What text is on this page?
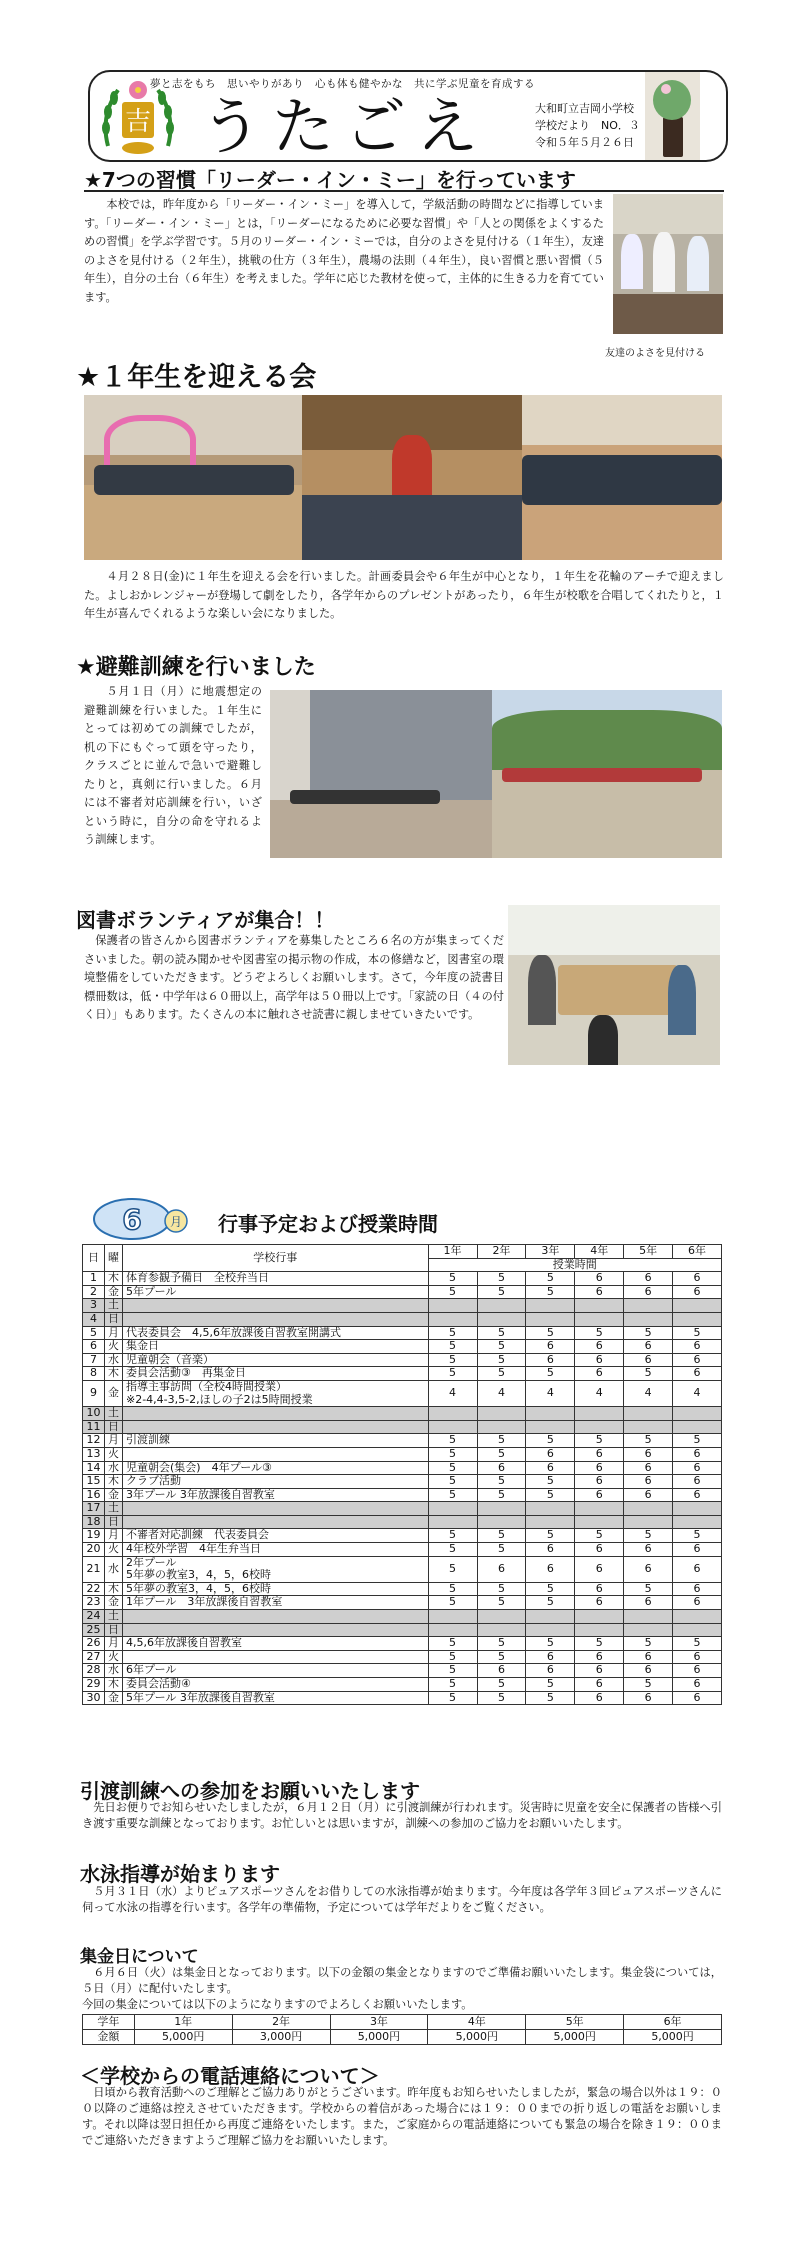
吉
夢と志をもち　思いやりがあり　心も体も健やかな　共に学ぶ児童を育成する
うたごえ	大和町立吉岡小学校
学校だより　NO．３
令和５年５月２６日
★7つの習慣「リーダー・イン・ミー」を行っています
本校では，昨年度から「リーダー・イン・ミー」を導入して，学級活動の時間などに指導しています。「リーダー・イン・ミー」とは，「リーダーになるために必要な習慣」や「人との関係をよくするための習慣」を学ぶ学習です。５月のリーダー・イン・ミーでは，自分のよさを見付ける（１年生），友達のよさを見付ける（２年生），挑戦の仕方（３年生），農場の法則（４年生），良い習慣と悪い習慣（５年生），自分の土台（６年生）を考えました。学年に応じた教材を使って，主体的に生きる力を育てています。
友達のよさを見付ける
★１年生を迎える会
４月２８日(金)に１年生を迎える会を行いました。計画委員会や６年生が中心となり，１年生を花輪のアーチで迎えました。よしおかレンジャーが登場して劇をしたり，各学年からのプレゼントがあったり，６年生が校歌を合唱してくれたりと，１年生が喜んでくれるような楽しい会になりました。
★避難訓練を行いました
５月１日（月）に地震想定の避難訓練を行いました。１年生にとっては初めての訓練でしたが，机の下にもぐって頭を守ったり，クラスごとに並んで急いで避難したりと，真剣に行いました。６月には不審者対応訓練を行い，いざという時に，自分の命を守れるよう訓練します。
図書ボランティアが集合！！
保護者の皆さんから図書ボランティアを募集したところ６名の方が集まってくださいました。朝の読み聞かせや図書室の掲示物の作成，本の修繕など，図書室の環境整備をしていただきます。どうぞよろしくお願いします。さて，今年度の読書目標冊数は，低・中学年は６０冊以上，高学年は５０冊以上です。「家読の日（４の付く日）」もあります。たくさんの本に触れさせ読書に親しませていきたいです。
6 月 行事予定および授業時間
日	曜	学校行事	1年	2年	3年	4年	5年	6年
			授業時間					
1	木	体育参観予備日　全校弁当日	5	5	5	6	6	6
2	金	5年プール	5	5	5	6	6	6
3	土	

4	日	

5	月	代表委員会　4,5,6年放課後自習教室開講式	5	5	5	5	5	5
6	火	集金日	5	5	6	6	6	6
7	水	児童朝会（音楽）	5	5	6	6	6	6
8	木	委員会活動③　再集金日	5	5	5	6	5	6
9	金	指導主事訪問（全校4時間授業）
※2-4,4-3,5-2,ほしの子2は5時間授業	4	4	4	4	4	4
10	土	

11	日	

12	月	引渡訓練	5	5	5	5	5	5
13	火		5	5	6	6	6	6
14	水	児童朝会(集会)　4年プール③	5	6	6	6	6	6
15	木	クラブ活動	5	5	5	6	6	6
16	金	3年プール 3年放課後自習教室	5	5	5	6	6	6
17	土	

18	日	

19	月	不審者対応訓練　代表委員会	5	5	5	5	5	5
20	火	4年校外学習　4年生弁当日	5	5	6	6	6	6
21	水	2年プール
5年夢の教室3，4，5，6校時	5	6	6	6	6	6
22	木	5年夢の教室3，4，5，6校時	5	5	5	6	5	6
23	金	1年プール　3年放課後自習教室	5	5	5	6	6	6
24	土	

25	日	

26	月	4,5,6年放課後自習教室	5	5	5	5	5	5
27	火		5	5	6	6	6	6
28	水	6年プール	5	6	6	6	6	6
29	木	委員会活動④	5	5	5	6	5	6
30	金	5年プール 3年放課後自習教室	5	5	5	6	6	6
引渡訓練への参加をお願いいたします
先日お便りでお知らせいたしましたが，６月１２日（月）に引渡訓練が行われます。災害時に児童を安全に保護者の皆様へ引き渡す重要な訓練となっております。お忙しいとは思いますが，訓練への参加のご協力をお願いいたします。
水泳指導が始まります
５月３１日（水）よりピュアスポーツさんをお借りしての水泳指導が始まります。今年度は各学年３回ピュアスポーツさんに伺って水泳の指導を行います。各学年の準備物，予定については学年だよりをご覧ください。
集金日について
６月６日（火）は集金日となっております。以下の金額の集金となりますのでご準備お願いいたします。集金袋については，５日（月）に配付いたします。
今回の集金については以下のようになりますのでよろしくお願いいたします。
学年	1年	2年	3年	4年	5年	6年
金額	5,000円	3,000円	5,000円	5,000円	5,000円	5,000円
＜学校からの電話連絡について＞
日頃から教育活動へのご理解とご協力ありがとうございます。昨年度もお知らせいたしましたが，緊急の場合以外は１９：００以降のご連絡は控えさせていただきます。学校からの着信があった場合には１９：００までの折り返しの電話をお願いします。それ以降は翌日担任から再度ご連絡をいたします。また，ご家庭からの電話連絡についても緊急の場合を除き１９：００までご連絡いただきますようご理解ご協力をお願いいたします。
